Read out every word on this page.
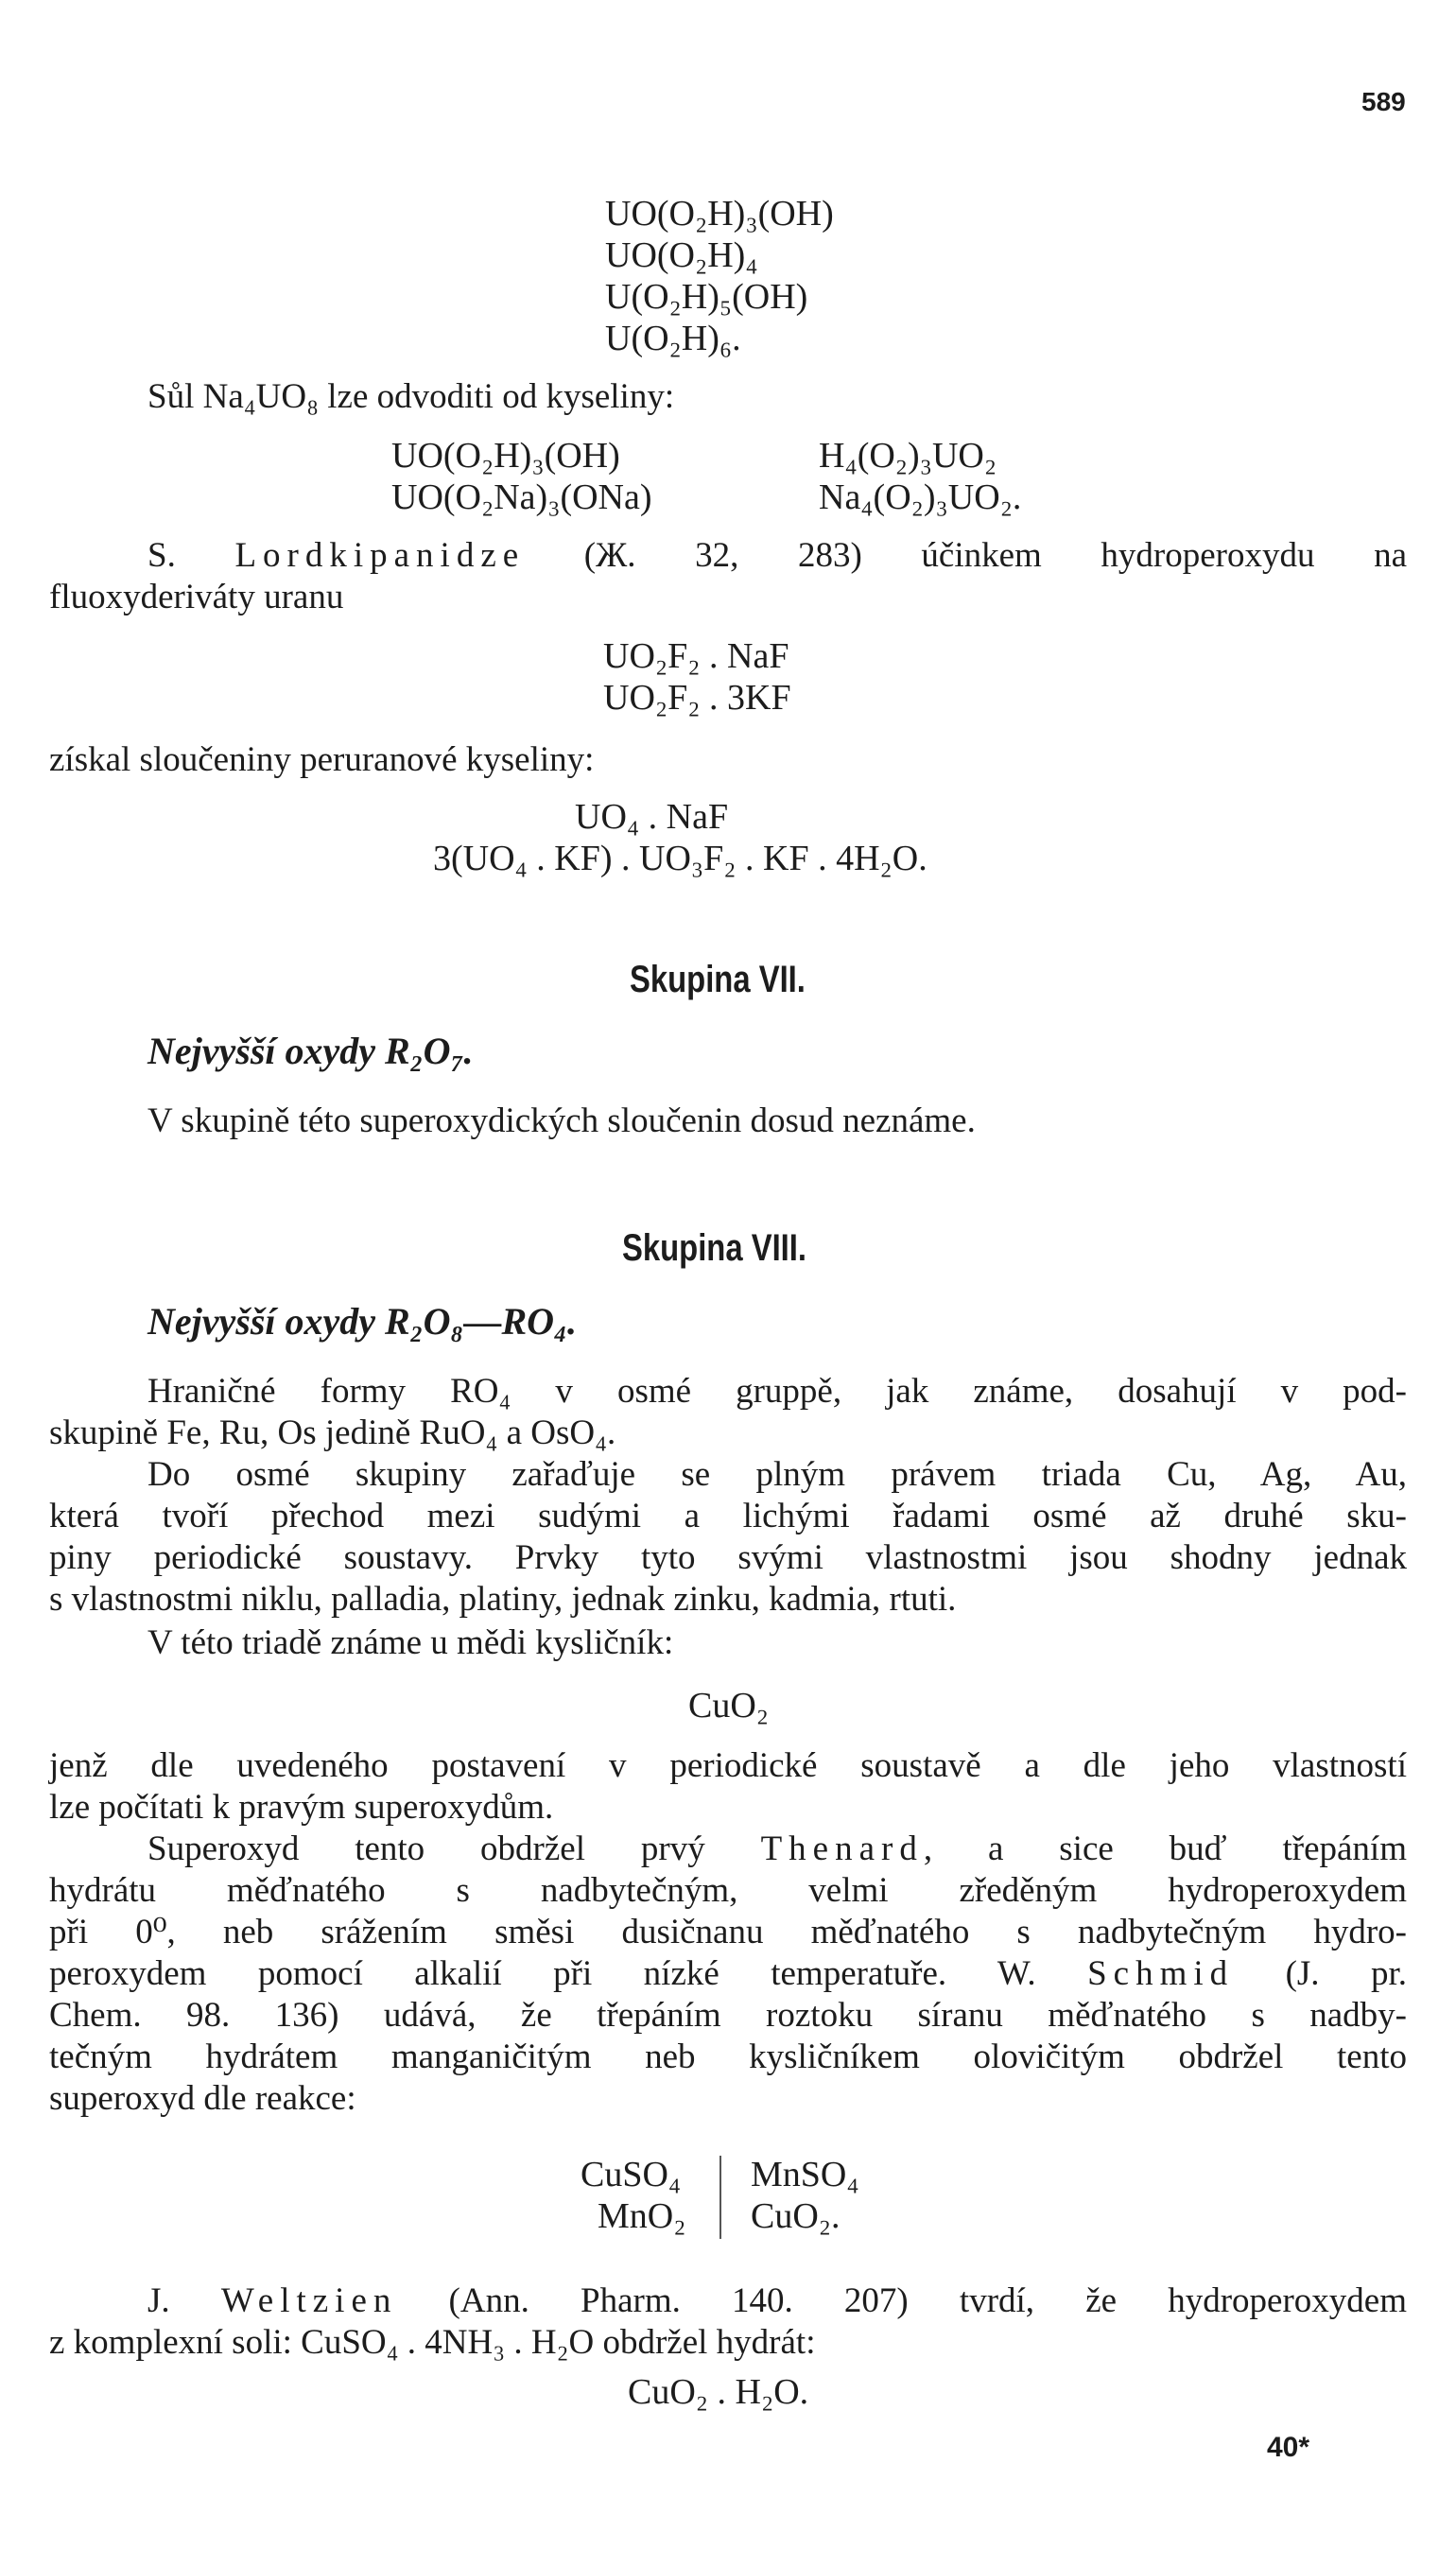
589
UO(O₂H)₃(OH)
UO(O₂H)₄
U(O₂H)₅(OH)
U(O₂H)₆.
Sůl Na₄UO₈ lze odvoditi od kyseliny:
UO(O₂H)₃(OH)
UO(O₂Na)₃(ONa)
H₄(O₂)₃UO₂
Na₄(O₂)₃UO₂.
S. Lordkipanidze (Ж. 32, 283) účinkem hydroperoxydu na
fluoxyderiváty uranu
UO₂F₂ . NaF
UO₂F₂ . 3KF
získal sloučeniny peruranové kyseliny:
UO₄ . NaF
3(UO₄ . KF) . UO₃F₂ . KF . 4H₂O.
Skupina VII.
Nejvyšší oxydy R₂O₇.
V skupině této superoxydických sloučenin dosud neznáme.
Skupina VIII.
Nejvyšší oxydy R₂O₈—RO₄.
Hraničné formy RO₄ v osmé gruppě, jak známe, dosahují v pod-
skupině Fe, Ru, Os jedině RuO₄ a OsO₄.
Do osmé skupiny zařaďuje se plným právem triada Cu, Ag, Au,
která tvoří přechod mezi sudými a lichými řadami osmé až druhé sku-
piny periodické soustavy. Prvky tyto svými vlastnostmi jsou shodny jednak
s vlastnostmi niklu, palladia, platiny, jednak zinku, kadmia, rtuti.
V této triadě známe u mědi kysličník:
CuO₂
jenž dle uvedeného postavení v periodické soustavě a dle jeho vlastností
lze počítati k pravým superoxydům.
Superoxyd tento obdržel prvý Thenard, a sice buď třepáním
hydrátu měďnatého s nadbytečným, velmi zředěným hydroperoxydem
při 0⁰, neb srážením směsi dusičnanu měďnatého s nadbytečným hydro-
peroxydem pomocí alkalií při nízké temperatuře. W. Schmid (J. pr.
Chem. 98. 136) udává, že třepáním roztoku síranu měďnatého s nadby-
tečným hydrátem manganičitým neb kysličníkem olovičitým obdržel tento
superoxyd dle reakce:
CuSO₄
MnO₂
MnSO₄
CuO₂.
J. Weltzien (Ann. Pharm. 140. 207) tvrdí, že hydroperoxydem
z komplexní soli: CuSO₄ . 4NH₃ . H₂O obdržel hydrát:
CuO₂ . H₂O.
40*
